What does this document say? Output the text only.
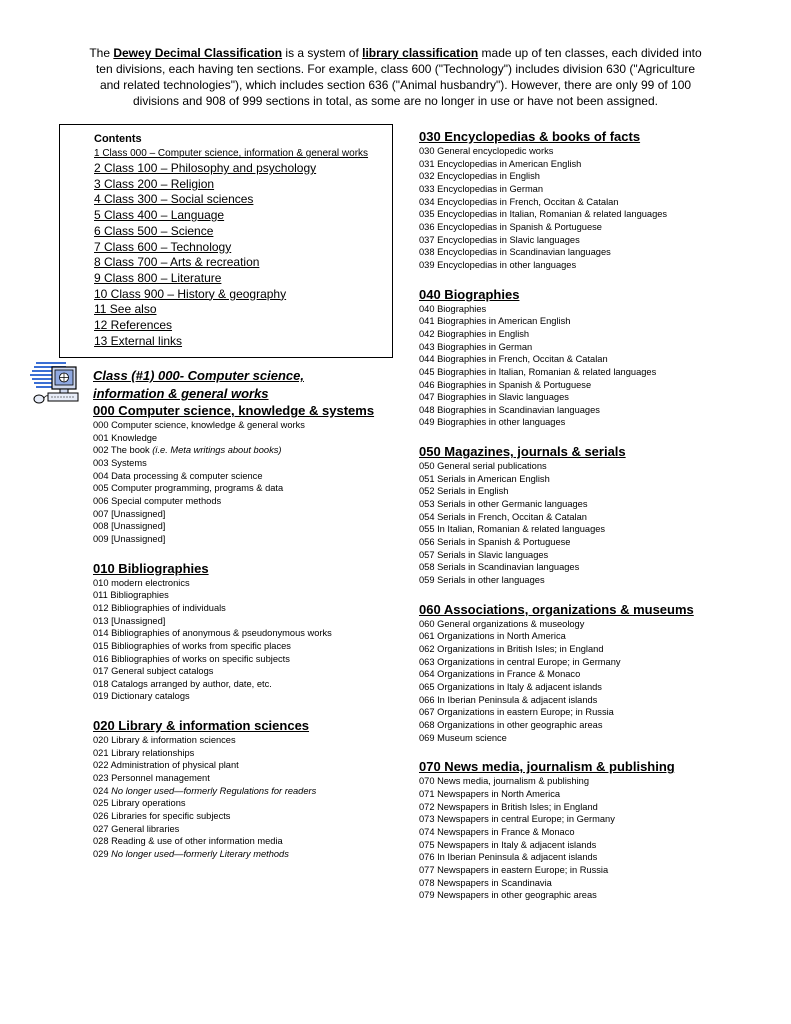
The Dewey Decimal Classification is a system of library classification made up of ten classes, each divided into ten divisions, each having ten sections. For example, class 600 ("Technology") includes division 630 ("Agriculture and related technologies"), which includes section 636 ("Animal husbandry"). However, there are only 99 of 100 divisions and 908 of 999 sections in total, as some are no longer in use or have not been assigned.
Contents
1 Class 000 – Computer science, information & general works
2 Class 100 – Philosophy and psychology
3 Class 200 – Religion
4 Class 300 – Social sciences
5 Class 400 – Language
6 Class 500 – Science
7 Class 600 – Technology
8 Class 700 – Arts & recreation
9 Class 800 – Literature
10 Class 900 – History & geography
11 See also
12 References
13 External links
Class (#1) 000- Computer science,
information & general works
000 Computer science, knowledge & systems
000 Computer science, knowledge & general works
001 Knowledge
002 The book (i.e. Meta writings about books)
003 Systems
004 Data processing & computer science
005 Computer programming, programs & data
006 Special computer methods
007 [Unassigned]
008 [Unassigned]
009 [Unassigned]
010 Bibliographies
010 modern electronics
011 Bibliographies
012 Bibliographies of individuals
013 [Unassigned]
014 Bibliographies of anonymous & pseudonymous works
015 Bibliographies of works from specific places
016 Bibliographies of works on specific subjects
017 General subject catalogs
018 Catalogs arranged by author, date, etc.
019 Dictionary catalogs
020 Library & information sciences
020 Library & information sciences
021 Library relationships
022 Administration of physical plant
023 Personnel management
024 No longer used—formerly Regulations for readers
025 Library operations
026 Libraries for specific subjects
027 General libraries
028 Reading & use of other information media
029 No longer used—formerly Literary methods
030 Encyclopedias & books of facts
030 General encyclopedic works
031 Encyclopedias in American English
032 Encyclopedias in English
033 Encyclopedias in German
034 Encyclopedias in French, Occitan & Catalan
035 Encyclopedias in Italian, Romanian & related languages
036 Encyclopedias in Spanish & Portuguese
037 Encyclopedias in Slavic languages
038 Encyclopedias in Scandinavian languages
039 Encyclopedias in other languages
040 Biographies
040 Biographies
041 Biographies in American English
042 Biographies in English
043 Biographies in German
044 Biographies in French, Occitan & Catalan
045 Biographies in Italian, Romanian & related languages
046 Biographies in Spanish & Portuguese
047 Biographies in Slavic languages
048 Biographies in Scandinavian languages
049 Biographies in other languages
050 Magazines, journals & serials
050 General serial publications
051 Serials in American English
052 Serials in English
053 Serials in other Germanic languages
054 Serials in French, Occitan & Catalan
055 In Italian, Romanian & related languages
056 Serials in Spanish & Portuguese
057 Serials in Slavic languages
058 Serials in Scandinavian languages
059 Serials in other languages
060 Associations, organizations & museums
060 General organizations & museology
061 Organizations in North America
062 Organizations in British Isles; in England
063 Organizations in central Europe; in Germany
064 Organizations in France & Monaco
065 Organizations in Italy & adjacent islands
066 In Iberian Peninsula & adjacent islands
067 Organizations in eastern Europe; in Russia
068 Organizations in other geographic areas
069 Museum science
070 News media, journalism & publishing
070 News media, journalism & publishing
071 Newspapers in North America
072 Newspapers in British Isles; in England
073 Newspapers in central Europe; in Germany
074 Newspapers in France & Monaco
075 Newspapers in Italy & adjacent islands
076 In Iberian Peninsula & adjacent islands
077 Newspapers in eastern Europe; in Russia
078 Newspapers in Scandinavia
079 Newspapers in other geographic areas
